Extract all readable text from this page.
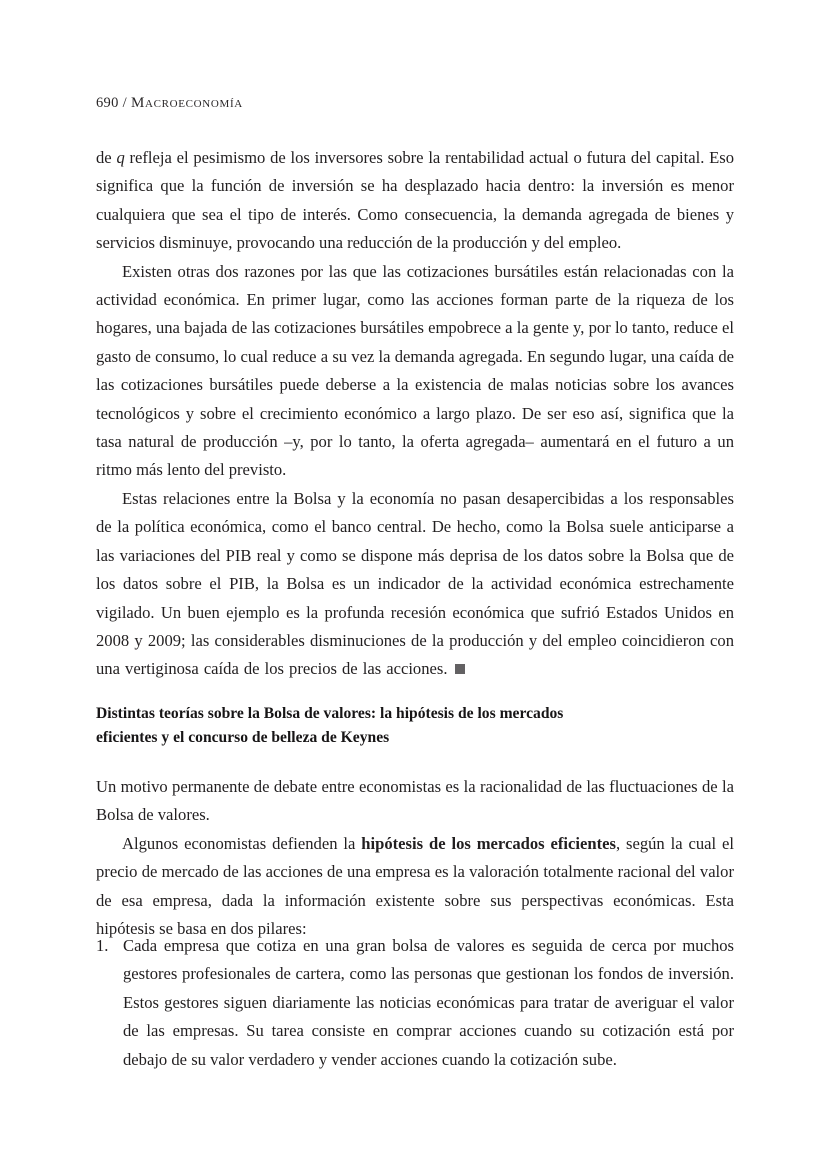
690 / Macroeconomía

de q refleja el pesimismo de los inversores sobre la rentabilidad actual o futura del capital. Eso significa que la función de inversión se ha desplazado hacia dentro: la inversión es menor cualquiera que sea el tipo de interés. Como consecuencia, la demanda agregada de bienes y servicios disminuye, provocando una reducción de la producción y del empleo.

Existen otras dos razones por las que las cotizaciones bursátiles están relacionadas con la actividad económica. En primer lugar, como las acciones forman parte de la riqueza de los hogares, una bajada de las cotizaciones bursátiles empobrece a la gente y, por lo tanto, reduce el gasto de consumo, lo cual reduce a su vez la demanda agregada. En segundo lugar, una caída de las cotizaciones bursátiles puede deberse a la existencia de malas noticias sobre los avances tecnológicos y sobre el crecimiento económico a largo plazo. De ser eso así, significa que la tasa natural de producción –y, por lo tanto, la oferta agregada– aumentará en el futuro a un ritmo más lento del previsto.

Estas relaciones entre la Bolsa y la economía no pasan desapercibidas a los responsables de la política económica, como el banco central. De hecho, como la Bolsa suele anticiparse a las variaciones del PIB real y como se dispone más deprisa de los datos sobre la Bolsa que de los datos sobre el PIB, la Bolsa es un indicador de la actividad económica estrechamente vigilado. Un buen ejemplo es la profunda recesión económica que sufrió Estados Unidos en 2008 y 2009; las considerables disminuciones de la producción y del empleo coincidieron con una vertiginosa caída de los precios de las acciones.

Distintas teorías sobre la Bolsa de valores: la hipótesis de los mercados
eficientes y el concurso de belleza de Keynes

Un motivo permanente de debate entre economistas es la racionalidad de las fluctuaciones de la Bolsa de valores.

Algunos economistas defienden la hipótesis de los mercados eficientes, según la cual el precio de mercado de las acciones de una empresa es la valoración totalmente racional del valor de esa empresa, dada la información existente sobre sus perspectivas económicas. Esta hipótesis se basa en dos pilares:

1. Cada empresa que cotiza en una gran bolsa de valores es seguida de cerca por muchos gestores profesionales de cartera, como las personas que gestionan los fondos de inversión. Estos gestores siguen diariamente las noticias económicas para tratar de averiguar el valor de las empresas. Su tarea consiste en comprar acciones cuando su cotización está por debajo de su valor verdadero y vender acciones cuando la cotización sube.
